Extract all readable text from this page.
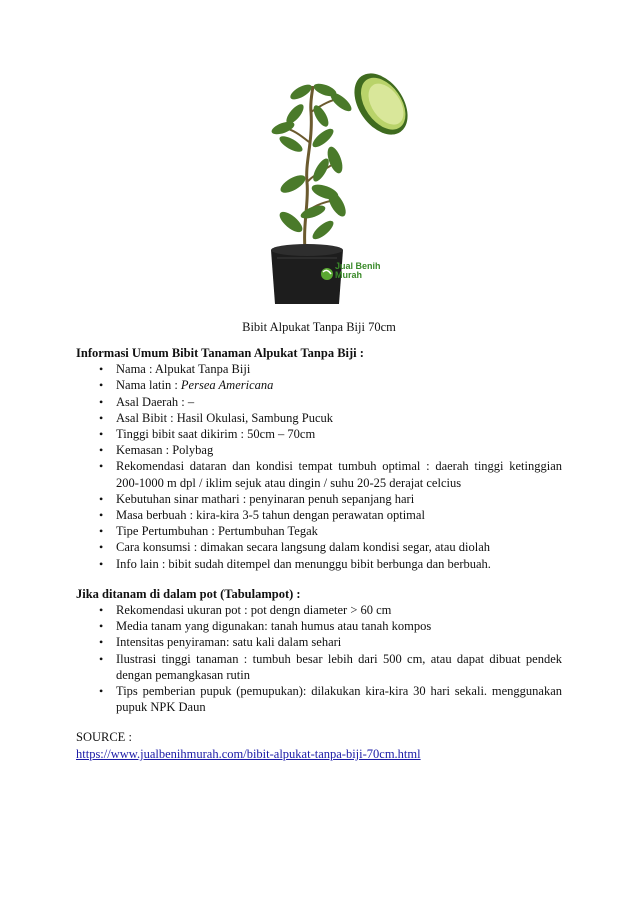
Jual Benih
Murah
Bibit Alpukat Tanpa Biji 70cm

Informasi Umum Bibit Tanaman Alpukat Tanpa Biji :

• Nama : Alpukat Tanpa Biji
• Nama latin : Persea Americana
• Asal Daerah : –
• Asal Bibit : Hasil Okulasi, Sambung Pucuk
• Tinggi bibit saat dikirim : 50cm – 70cm
• Kemasan : Polybag
• Rekomendasi dataran dan kondisi tempat tumbuh optimal : daerah tinggi ketinggian 200-1000 m dpl / iklim sejuk atau dingin / suhu 20-25 derajat celcius
• Kebutuhan sinar mathari : penyinaran penuh sepanjang hari
• Masa berbuah : kira-kira 3-5 tahun dengan perawatan optimal
• Tipe Pertumbuhan : Pertumbuhan Tegak
• Cara konsumsi : dimakan secara langsung dalam kondisi segar, atau diolah
• Info lain : bibit sudah ditempel dan menunggu bibit berbunga dan berbuah.

Jika ditanam di dalam pot (Tabulampot) :

• Rekomendasi ukuran pot : pot dengn diameter > 60 cm
• Media tanam yang digunakan: tanah humus atau tanah kompos
• Intensitas penyiraman: satu kali dalam sehari
• Ilustrasi tinggi tanaman : tumbuh besar lebih dari 500 cm, atau dapat dibuat pendek dengan pemangkasan rutin
• Tips pemberian pupuk (pemupukan): dilakukan kira-kira 30 hari sekali. menggunakan pupuk NPK Daun

SOURCE :

https://www.jualbenihmurah.com/bibit-alpukat-tanpa-biji-70cm.html
